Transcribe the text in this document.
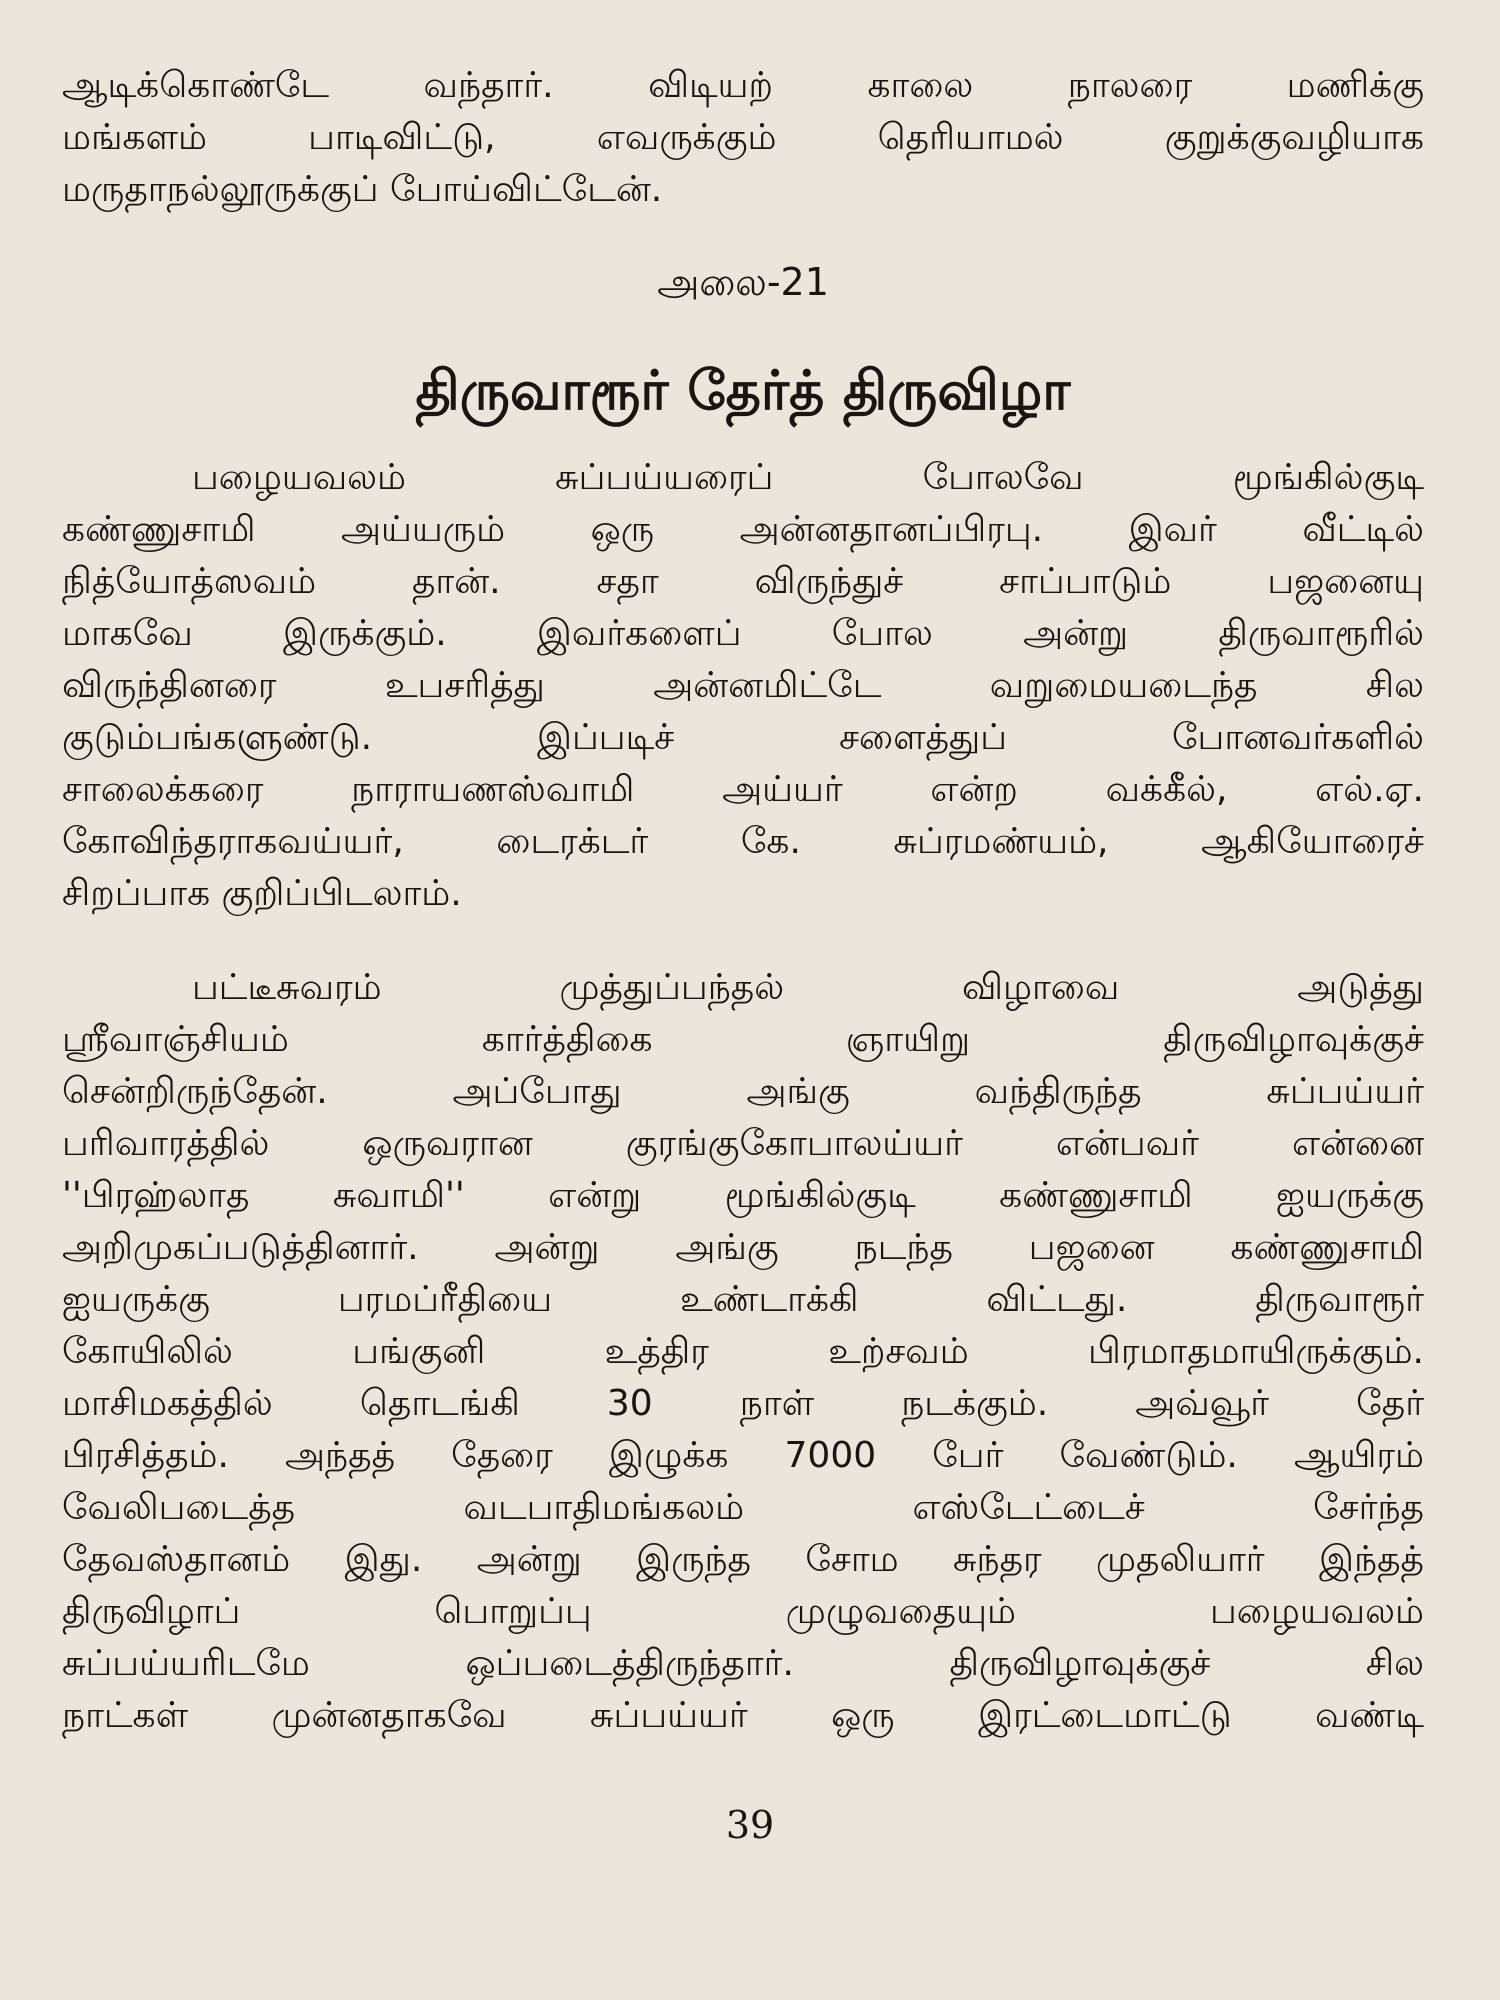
ஆடிக்கொண்டே வந்தார். விடியற் காலை நாலரை மணிக்கு
மங்களம் பாடிவிட்டு, எவருக்கும் தெரியாமல் குறுக்குவழியாக
மருதாநல்லூருக்குப் போய்விட்டேன்.
அலை-21
திருவாரூர் தேர்த் திருவிழா
பழையவலம் சுப்பய்யரைப் போலவே மூங்கில்குடி
கண்ணுசாமி அய்யரும் ஒரு அன்னதானப்பிரபு. இவர் வீட்டில்
நித்யோத்ஸவம் தான். சதா விருந்துச் சாப்பாடும் பஜனையு
மாகவே இருக்கும். இவர்களைப் போல அன்று திருவாரூரில்
விருந்தினரை உபசரித்து அன்னமிட்டே வறுமையடைந்த சில
குடும்பங்களுண்டு. இப்படிச் சளைத்துப் போனவர்களில்
சாலைக்கரை நாராயணஸ்வாமி அய்யர் என்ற வக்கீல், எல்.ஏ.
கோவிந்தராகவய்யர், டைரக்டர் கே. சுப்ரமண்யம், ஆகியோரைச்
சிறப்பாக குறிப்பிடலாம்.
பட்டீசுவரம் முத்துப்பந்தல் விழாவை அடுத்து
ஸ்ரீவாஞ்சியம் கார்த்திகை ஞாயிறு திருவிழாவுக்குச்
சென்றிருந்தேன். அப்போது அங்கு வந்திருந்த சுப்பய்யர்
பரிவாரத்தில் ஒருவரான குரங்குகோபாலய்யர் என்பவர் என்னை
''பிரஹ்லாத சுவாமி'' என்று மூங்கில்குடி கண்ணுசாமி ஐயருக்கு
அறிமுகப்படுத்தினார். அன்று அங்கு நடந்த பஜனை கண்ணுசாமி
ஐயருக்கு பரமப்ரீதியை உண்டாக்கி விட்டது. திருவாரூர்
கோயிலில் பங்குனி உத்திர உற்சவம் பிரமாதமாயிருக்கும்.
மாசிமகத்தில் தொடங்கி 30 நாள் நடக்கும். அவ்வூர் தேர்
பிரசித்தம். அந்தத் தேரை இழுக்க 7000 பேர் வேண்டும். ஆயிரம்
வேலிபடைத்த வடபாதிமங்கலம் எஸ்டேட்டைச் சேர்ந்த
தேவஸ்தானம் இது. அன்று இருந்த சோம சுந்தர முதலியார் இந்தத்
திருவிழாப் பொறுப்பு முழுவதையும் பழையவலம்
சுப்பய்யரிடமே ஒப்படைத்திருந்தார். திருவிழாவுக்குச் சில
நாட்கள் முன்னதாகவே சுப்பய்யர் ஒரு இரட்டைமாட்டு வண்டி
39
